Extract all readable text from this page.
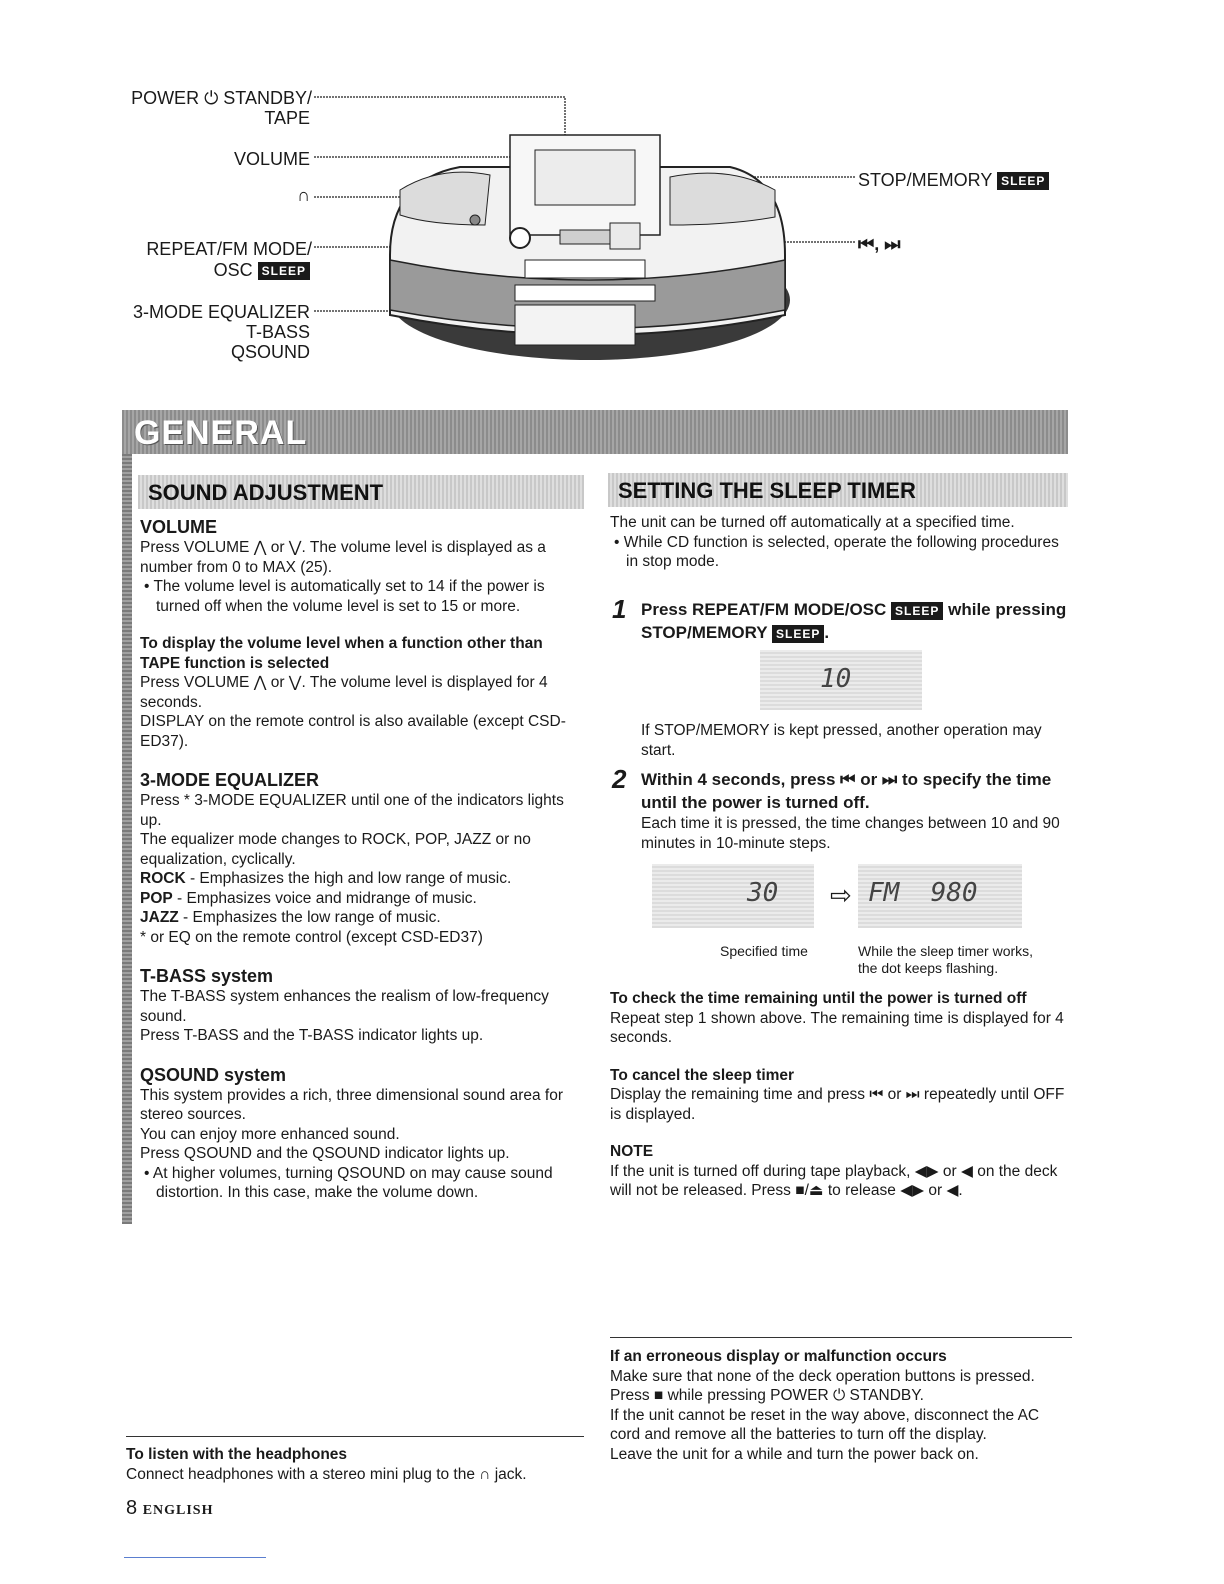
POWER ⏻ STANDBY/
TAPE
VOLUME
∩
REPEAT/FM MODE/
OSC SLEEP
3-MODE EQUALIZER
T-BASS
QSOUND
STOP/MEMORY SLEEP
⏮, ⏭
GENERAL
SOUND ADJUSTMENT
VOLUME

Press VOLUME ⋀ or ⋁. The volume level is displayed as a number from 0 to MAX (25).

• The volume level is automatically set to 14 if the power is turned off when the volume level is set to 15 or more.

To display the volume level when a function other than TAPE function is selected

Press VOLUME ⋀ or ⋁. The volume level is displayed for 4 seconds.

DISPLAY on the remote control is also available (except CSD-ED37).

3-MODE EQUALIZER

Press * 3-MODE EQUALIZER until one of the indicators lights up.

The equalizer mode changes to ROCK, POP, JAZZ or no equalization, cyclically.

ROCK - Emphasizes the high and low range of music.

POP - Emphasizes voice and midrange of music.

JAZZ - Emphasizes the low range of music.

* or EQ on the remote control (except CSD-ED37)

T-BASS system

The T-BASS system enhances the realism of low-frequency sound.

Press T-BASS and the T-BASS indicator lights up.

QSOUND system

This system provides a rich, three dimensional sound area for stereo sources.

You can enjoy more enhanced sound.

Press QSOUND and the QSOUND indicator lights up.

• At higher volumes, turning QSOUND on may cause sound distortion. In this case, make the volume down.

SETTING THE SLEEP TIMER

The unit can be turned off automatically at a specified time.

• While CD function is selected, operate the following procedures in stop mode.

1 Press REPEAT/FM MODE/OSC SLEEP while pressing STOP/MEMORY SLEEP .
10
If STOP/MEMORY is kept pressed, another operation may start.
2 Within 4 seconds, press ⏮ or ⏭ to specify the time until the power is turned off.

Each time it is pressed, the time changes between 10 and 90 minutes in 10-minute steps.

30 ⇨ FM  980
Specified time	While the sleep timer works,
the dot keeps flashing.
To check the time remaining until the power is turned off

Repeat step 1 shown above. The remaining time is displayed for 4 seconds.

To cancel the sleep timer

Display the remaining time and press ⏮ or ⏭ repeatedly until OFF is displayed.

NOTE

If the unit is turned off during tape playback, ◀▶ or ◀ on the deck will not be released. Press ■/⏏ to release ◀▶ or ◀.

If an erroneous display or malfunction occurs

Make sure that none of the deck operation buttons is pressed.

Press ■ while pressing POWER ⏻ STANDBY.

If the unit cannot be reset in the way above, disconnect the AC cord and remove all the batteries to turn off the display.

Leave the unit for a while and turn the power back on.

To listen with the headphones

Connect headphones with a stereo mini plug to the ∩ jack.

8 ENGLISH
